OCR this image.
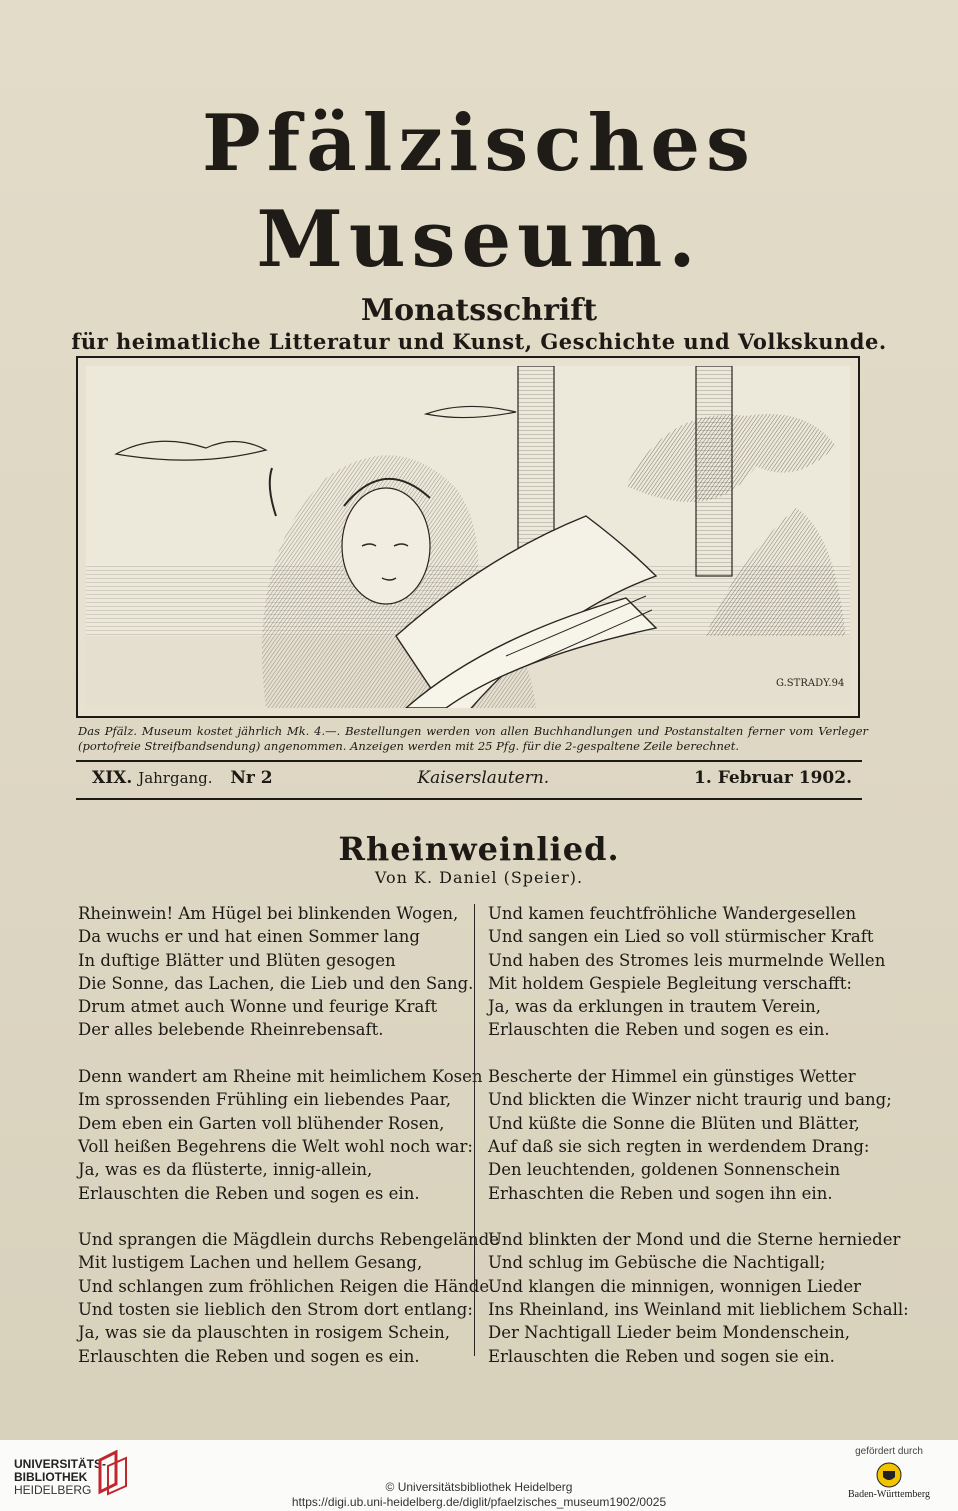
Pfälzisches Museum.
Monatsschrift
für heimatliche Litteratur und Kunst, Geschichte und Volkskunde.
G.STRADY.94
Das Pfälz. Museum kostet jährlich Mk. 4.—. Bestellungen werden von allen Buchhandlungen und Postanstalten ferner vom Verleger (portofreie Streifbandsendung) angenommen. Anzeigen werden mit 25 Pfg. für die 2-gespaltene Zeile berechnet.
XIX. Jahrgang. Nr 2	Kaiserslautern.	1. Februar 1902.
Rheinweinlied.
Von K. Daniel (Speier).
Rheinwein! Am Hügel bei blinkenden Wogen,
Da wuchs er und hat einen Sommer lang
In duftige Blätter und Blüten gesogen
Die Sonne, das Lachen, die Lieb und den Sang.
Drum atmet auch Wonne und feurige Kraft
Der alles belebende Rheinrebensaft.
Denn wandert am Rheine mit heimlichem Kosen
Im sprossenden Frühling ein liebendes Paar,
Dem eben ein Garten voll blühender Rosen,
Voll heißen Begehrens die Welt wohl noch war:
Ja, was es da flüsterte, innig-allein,
Erlauschten die Reben und sogen es ein.
Und sprangen die Mägdlein durchs Rebengelände
Mit lustigem Lachen und hellem Gesang,
Und schlangen zum fröhlichen Reigen die Hände
Und tosten sie lieblich den Strom dort entlang:
Ja, was sie da plauschten in rosigem Schein,
Erlauschten die Reben und sogen es ein.
Und kamen feuchtfröhliche Wandergesellen
Und sangen ein Lied so voll stürmischer Kraft
Und haben des Stromes leis murmelnde Wellen
Mit holdem Gespiele Begleitung verschafft:
Ja, was da erklungen in trautem Verein,
Erlauschten die Reben und sogen es ein.
Bescherte der Himmel ein günstiges Wetter
Und blickten die Winzer nicht traurig und bang;
Und küßte die Sonne die Blüten und Blätter,
Auf daß sie sich regten in werdendem Drang:
Den leuchtenden, goldenen Sonnenschein
Erhaschten die Reben und sogen ihn ein.
Und blinkten der Mond und die Sterne hernieder
Und schlug im Gebüsche die Nachtigall;
Und klangen die minnigen, wonnigen Lieder
Ins Rheinland, ins Weinland mit lieblichem Schall:
Der Nachtigall Lieder beim Mondenschein,
Erlauschten die Reben und sogen sie ein.
UNIVERSITÄTS-
BIBLIOTHEK
HEIDELBERG	© Universitätsbibliothek Heidelberg
https://digi.ub.uni-heidelberg.de/diglit/pfaelzisches_museum1902/0025
gefördert durch
Baden-Württemberg
